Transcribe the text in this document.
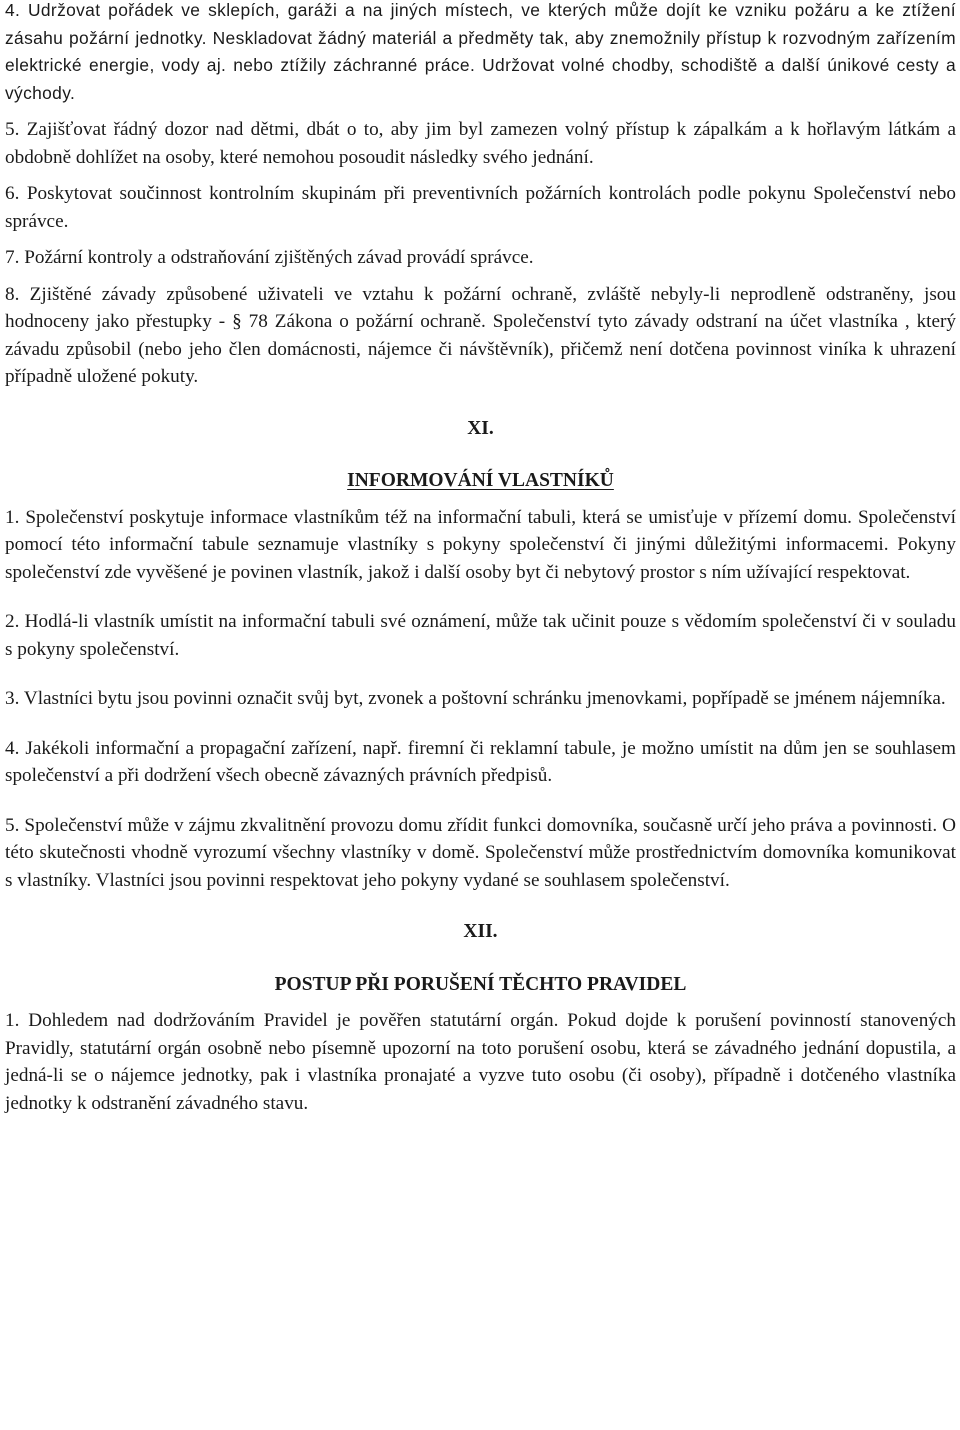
4. Udržovat pořádek ve sklepích, garáži a na jiných místech, ve kterých může dojít ke vzniku požáru a ke ztížení zásahu požární jednotky. Neskladovat žádný materiál a předměty tak, aby znemožnily přístup k rozvodným zařízením elektrické energie, vody aj. nebo ztížily záchranné práce. Udržovat volné chodby, schodiště a další únikové cesty a východy.

5. Zajišťovat řádný dozor nad dětmi, dbát o to, aby jim byl zamezen volný přístup k zápalkám a k hořlavým látkám a obdobně dohlížet na osoby, které nemohou posoudit následky svého jednání.

6. Poskytovat součinnost kontrolním skupinám při preventivních požárních kontrolách podle pokynu Společenství nebo správce.

7. Požární kontroly a odstraňování zjištěných závad provádí správce.

8. Zjištěné závady způsobené uživateli ve vztahu k požární ochraně, zvláště nebyly-li neprodleně odstraněny, jsou hodnoceny jako přestupky - § 78 Zákona o požární ochraně. Společenství tyto závady odstraní na účet vlastníka , který závadu způsobil (nebo jeho člen domácnosti, nájemce či návštěvník), přičemž není dotčena povinnost viníka k uhrazení případně uložené pokuty.

XI.

INFORMOVÁNÍ VLASTNÍKŮ

1. Společenství poskytuje informace vlastníkům též na informační tabuli, která se umisťuje v přízemí domu. Společenství pomocí této informační tabule seznamuje vlastníky s pokyny společenství či jinými důležitými informacemi. Pokyny společenství zde vyvěšené je povinen vlastník, jakož i další osoby byt či nebytový prostor s ním užívající respektovat.

2. Hodlá-li vlastník umístit na informační tabuli své oznámení, může tak učinit pouze s vědomím společenství či v souladu s pokyny společenství.

3. Vlastníci bytu jsou povinni označit svůj byt, zvonek a poštovní schránku jmenovkami, popřípadě se jménem nájemníka.

4. Jakékoli informační a propagační zařízení, např. firemní či reklamní tabule, je možno umístit na dům jen se souhlasem společenství a při dodržení všech obecně závazných právních předpisů.

5. Společenství může v zájmu zkvalitnění provozu domu zřídit funkci domovníka, současně určí jeho práva a povinnosti. O této skutečnosti vhodně vyrozumí všechny vlastníky v domě. Společenství může prostřednictvím domovníka komunikovat s vlastníky. Vlastníci jsou povinni respektovat jeho pokyny vydané se souhlasem společenství.

XII.

POSTUP PŘI PORUŠENÍ TĚCHTO PRAVIDEL

1. Dohledem nad dodržováním Pravidel je pověřen statutární orgán. Pokud dojde k porušení povinností stanovených Pravidly, statutární orgán osobně nebo písemně upozorní na toto porušení osobu, která se závadného jednání dopustila, a jedná-li se o nájemce jednotky, pak i vlastníka pronajaté a vyzve tuto osobu (či osoby), případně i dotčeného vlastníka jednotky k odstranění závadného stavu.
